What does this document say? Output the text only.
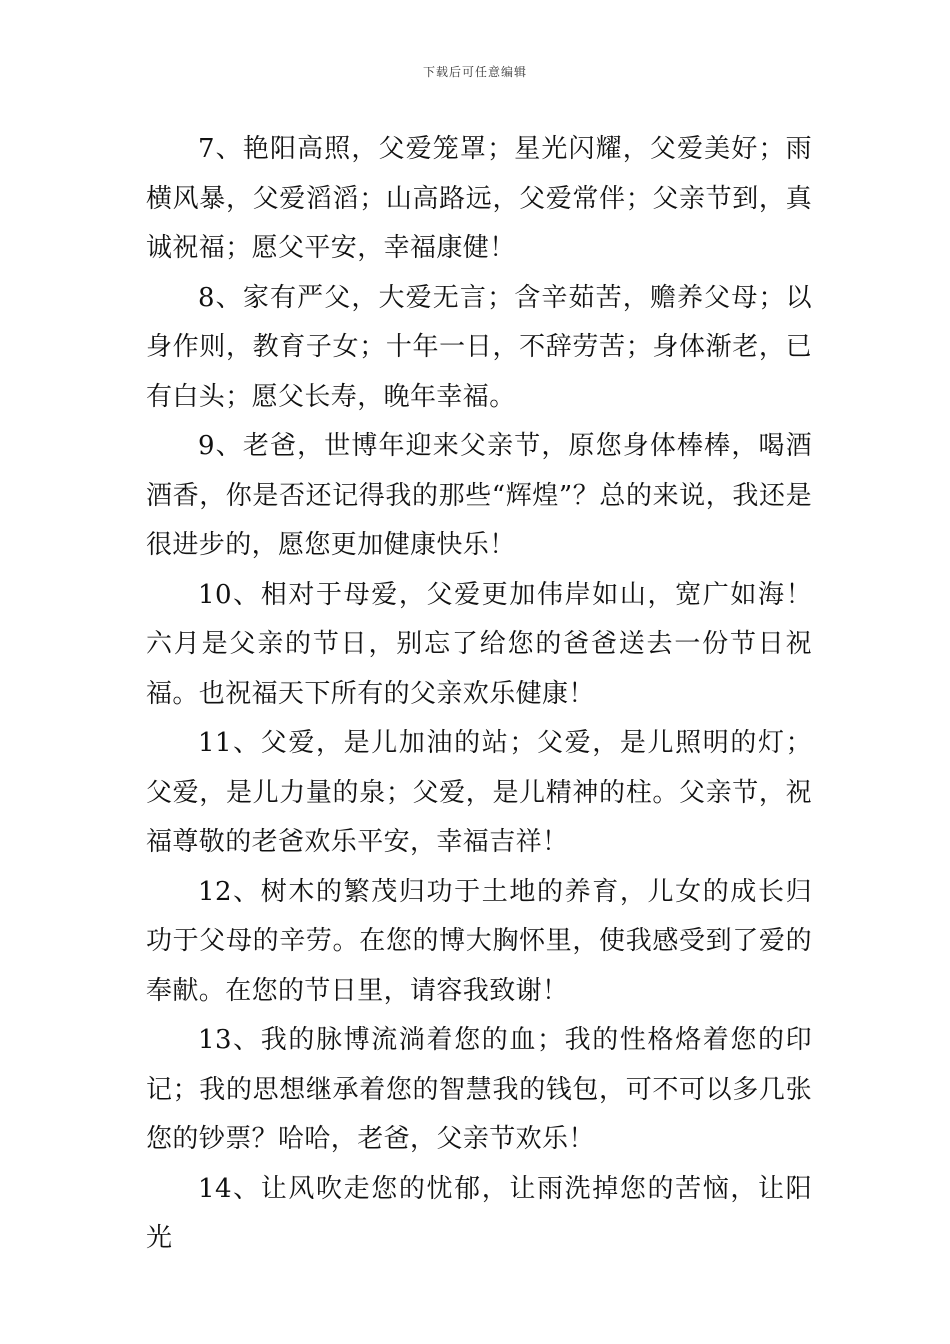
下载后可任意编辑

7、艳阳高照，父爱笼罩；星光闪耀，父爱美好；雨横风暴，父爱滔滔；山高路远，父爱常伴；父亲节到，真诚祝福；愿父平安，幸福康健！

8、家有严父，大爱无言；含辛茹苦，赡养父母；以身作则，教育子女；十年一日，不辞劳苦；身体渐老，已有白头；愿父长寿，晚年幸福。

9、老爸，世博年迎来父亲节，原您身体棒棒，喝酒酒香，你是否还记得我的那些“辉煌”？总的来说，我还是很进步的，愿您更加健康快乐！

10、相对于母爱，父爱更加伟岸如山，宽广如海！六月是父亲的节日，别忘了给您的爸爸送去一份节日祝福。也祝福天下所有的父亲欢乐健康！

11、父爱，是儿加油的站；父爱，是儿照明的灯；父爱，是儿力量的泉；父爱，是儿精神的柱。父亲节，祝福尊敬的老爸欢乐平安，幸福吉祥！

12、树木的繁茂归功于土地的养育，儿女的成长归功于父母的辛劳。在您的博大胸怀里，使我感受到了爱的奉献。在您的节日里，请容我致谢！

13、我的脉博流淌着您的血；我的性格烙着您的印记；我的思想继承着您的智慧我的钱包，可不可以多几张您的钞票？哈哈，老爸，父亲节欢乐！

14、让风吹走您的忧郁，让雨洗掉您的苦恼，让阳光
